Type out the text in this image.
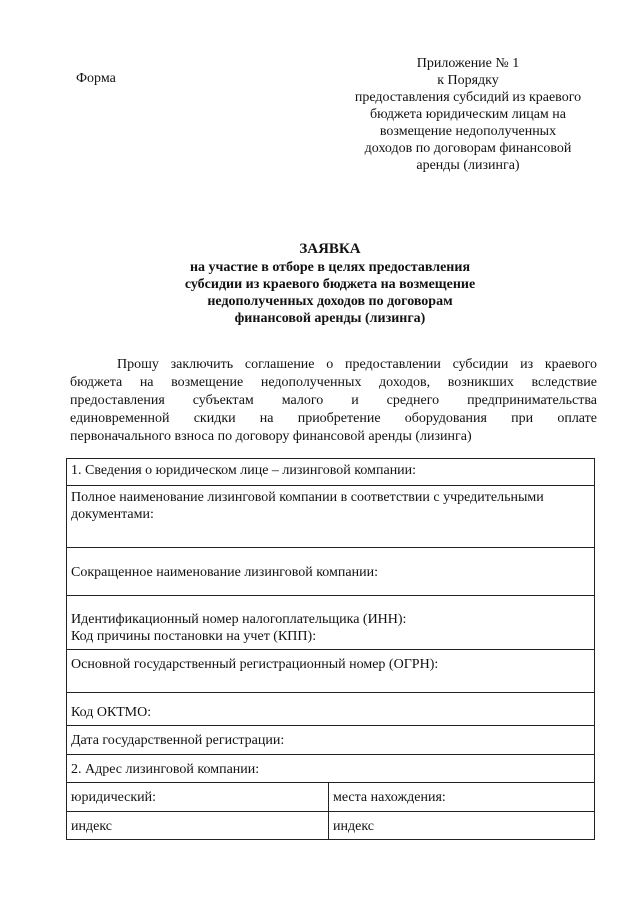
Форма
Приложение № 1
к Порядку
предоставления субсидий из краевого
бюджета юридическим лицам на
возмещение недополученных
доходов по договорам финансовой
аренды (лизинга)
ЗАЯВКА
на участие в отборе в целях предоставления
субсидии из краевого бюджета на возмещение
недополученных доходов по договорам
финансовой аренды (лизинга)
Прошу заключить соглашение о предоставлении субсидии из краевого
бюджета на возмещение недополученных доходов, возникших вследствие
предоставления субъектам малого и среднего предпринимательства
единовременной скидки на приобретение оборудования при оплате
первоначального взноса по договору финансовой аренды (лизинга)
1. Сведения о юридическом лице – лизинговой компании:	

Полное наименование лизинговой компании в соответствии с учредительными документами:	

Сокращенное наименование лизинговой компании:	

Идентификационный номер налогоплательщика (ИНН):
Код причины постановки на учет (КПП):	

Основной государственный регистрационный номер (ОГРН):	

Код ОКТМО:	

Дата государственной регистрации:	

2. Адрес лизинговой компании:	

юридический:	места нахождения:

индекс	индекс
